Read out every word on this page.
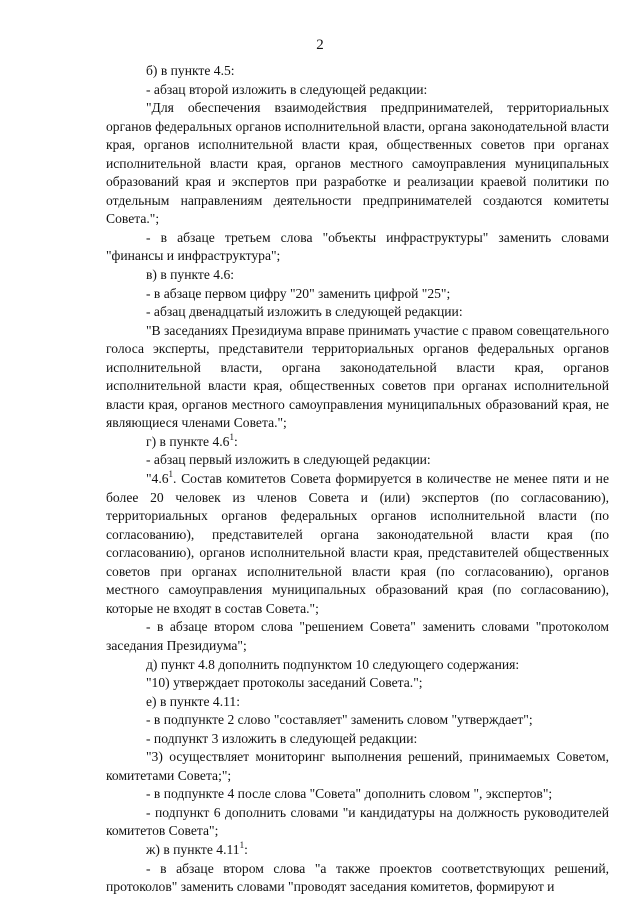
2

б) в пункте 4.5:

- абзац второй изложить в следующей редакции:

"Для обеспечения взаимодействия предпринимателей, территориальных органов федеральных органов исполнительной власти, органа законодательной власти края, органов исполнительной власти края, общественных советов при органах исполнительной власти края, органов местного самоуправления муниципальных образований края и экспертов при разработке и реализации краевой политики по отдельным направлениям деятельности предпринимателей создаются комитеты Совета.";

- в абзаце третьем слова "объекты инфраструктуры" заменить словами "финансы и инфраструктура";

в) в пункте 4.6:

- в абзаце первом цифру "20" заменить цифрой "25";

- абзац двенадцатый изложить в следующей редакции:

"В заседаниях Президиума вправе принимать участие с правом совещательного голоса эксперты, представители территориальных органов федеральных органов исполнительной власти, органа законодательной власти края, органов исполнительной власти края, общественных советов при органах исполнительной власти края, органов местного самоуправления муниципальных образований края, не являющиеся членами Совета.";

г) в пункте $4.6^1$:

- абзац первый изложить в следующей редакции:

"$4.6^1$. Состав комитетов Совета формируется в количестве не менее пяти и не более 20 человек из членов Совета и (или) экспертов (по согласованию), территориальных органов федеральных органов исполнительной власти (по согласованию), представителей органа законодательной власти края (по согласованию), органов исполнительной власти края, представителей общественных советов при органах исполнительной власти края (по согласованию), органов местного самоуправления муниципальных образований края (по согласованию), которые не входят в состав Совета.";

- в абзаце втором слова "решением Совета" заменить словами "протоколом заседания Президиума";

д) пункт 4.8 дополнить подпунктом 10 следующего содержания:

"10) утверждает протоколы заседаний Совета.";

е) в пункте 4.11:

- в подпункте 2 слово "составляет" заменить словом "утверждает";

- подпункт 3 изложить в следующей редакции:

"3) осуществляет мониторинг выполнения решений, принимаемых Советом, комитетами Совета;";

- в подпункте 4 после слова "Совета" дополнить словом ", экспертов";

- подпункт 6 дополнить словами "и кандидатуры на должность руководителей комитетов Совета";

ж) в пункте 4.11$^1$:

- в абзаце втором слова "а также проектов соответствующих решений, протоколов" заменить словами "проводят заседания комитетов, формируют и
